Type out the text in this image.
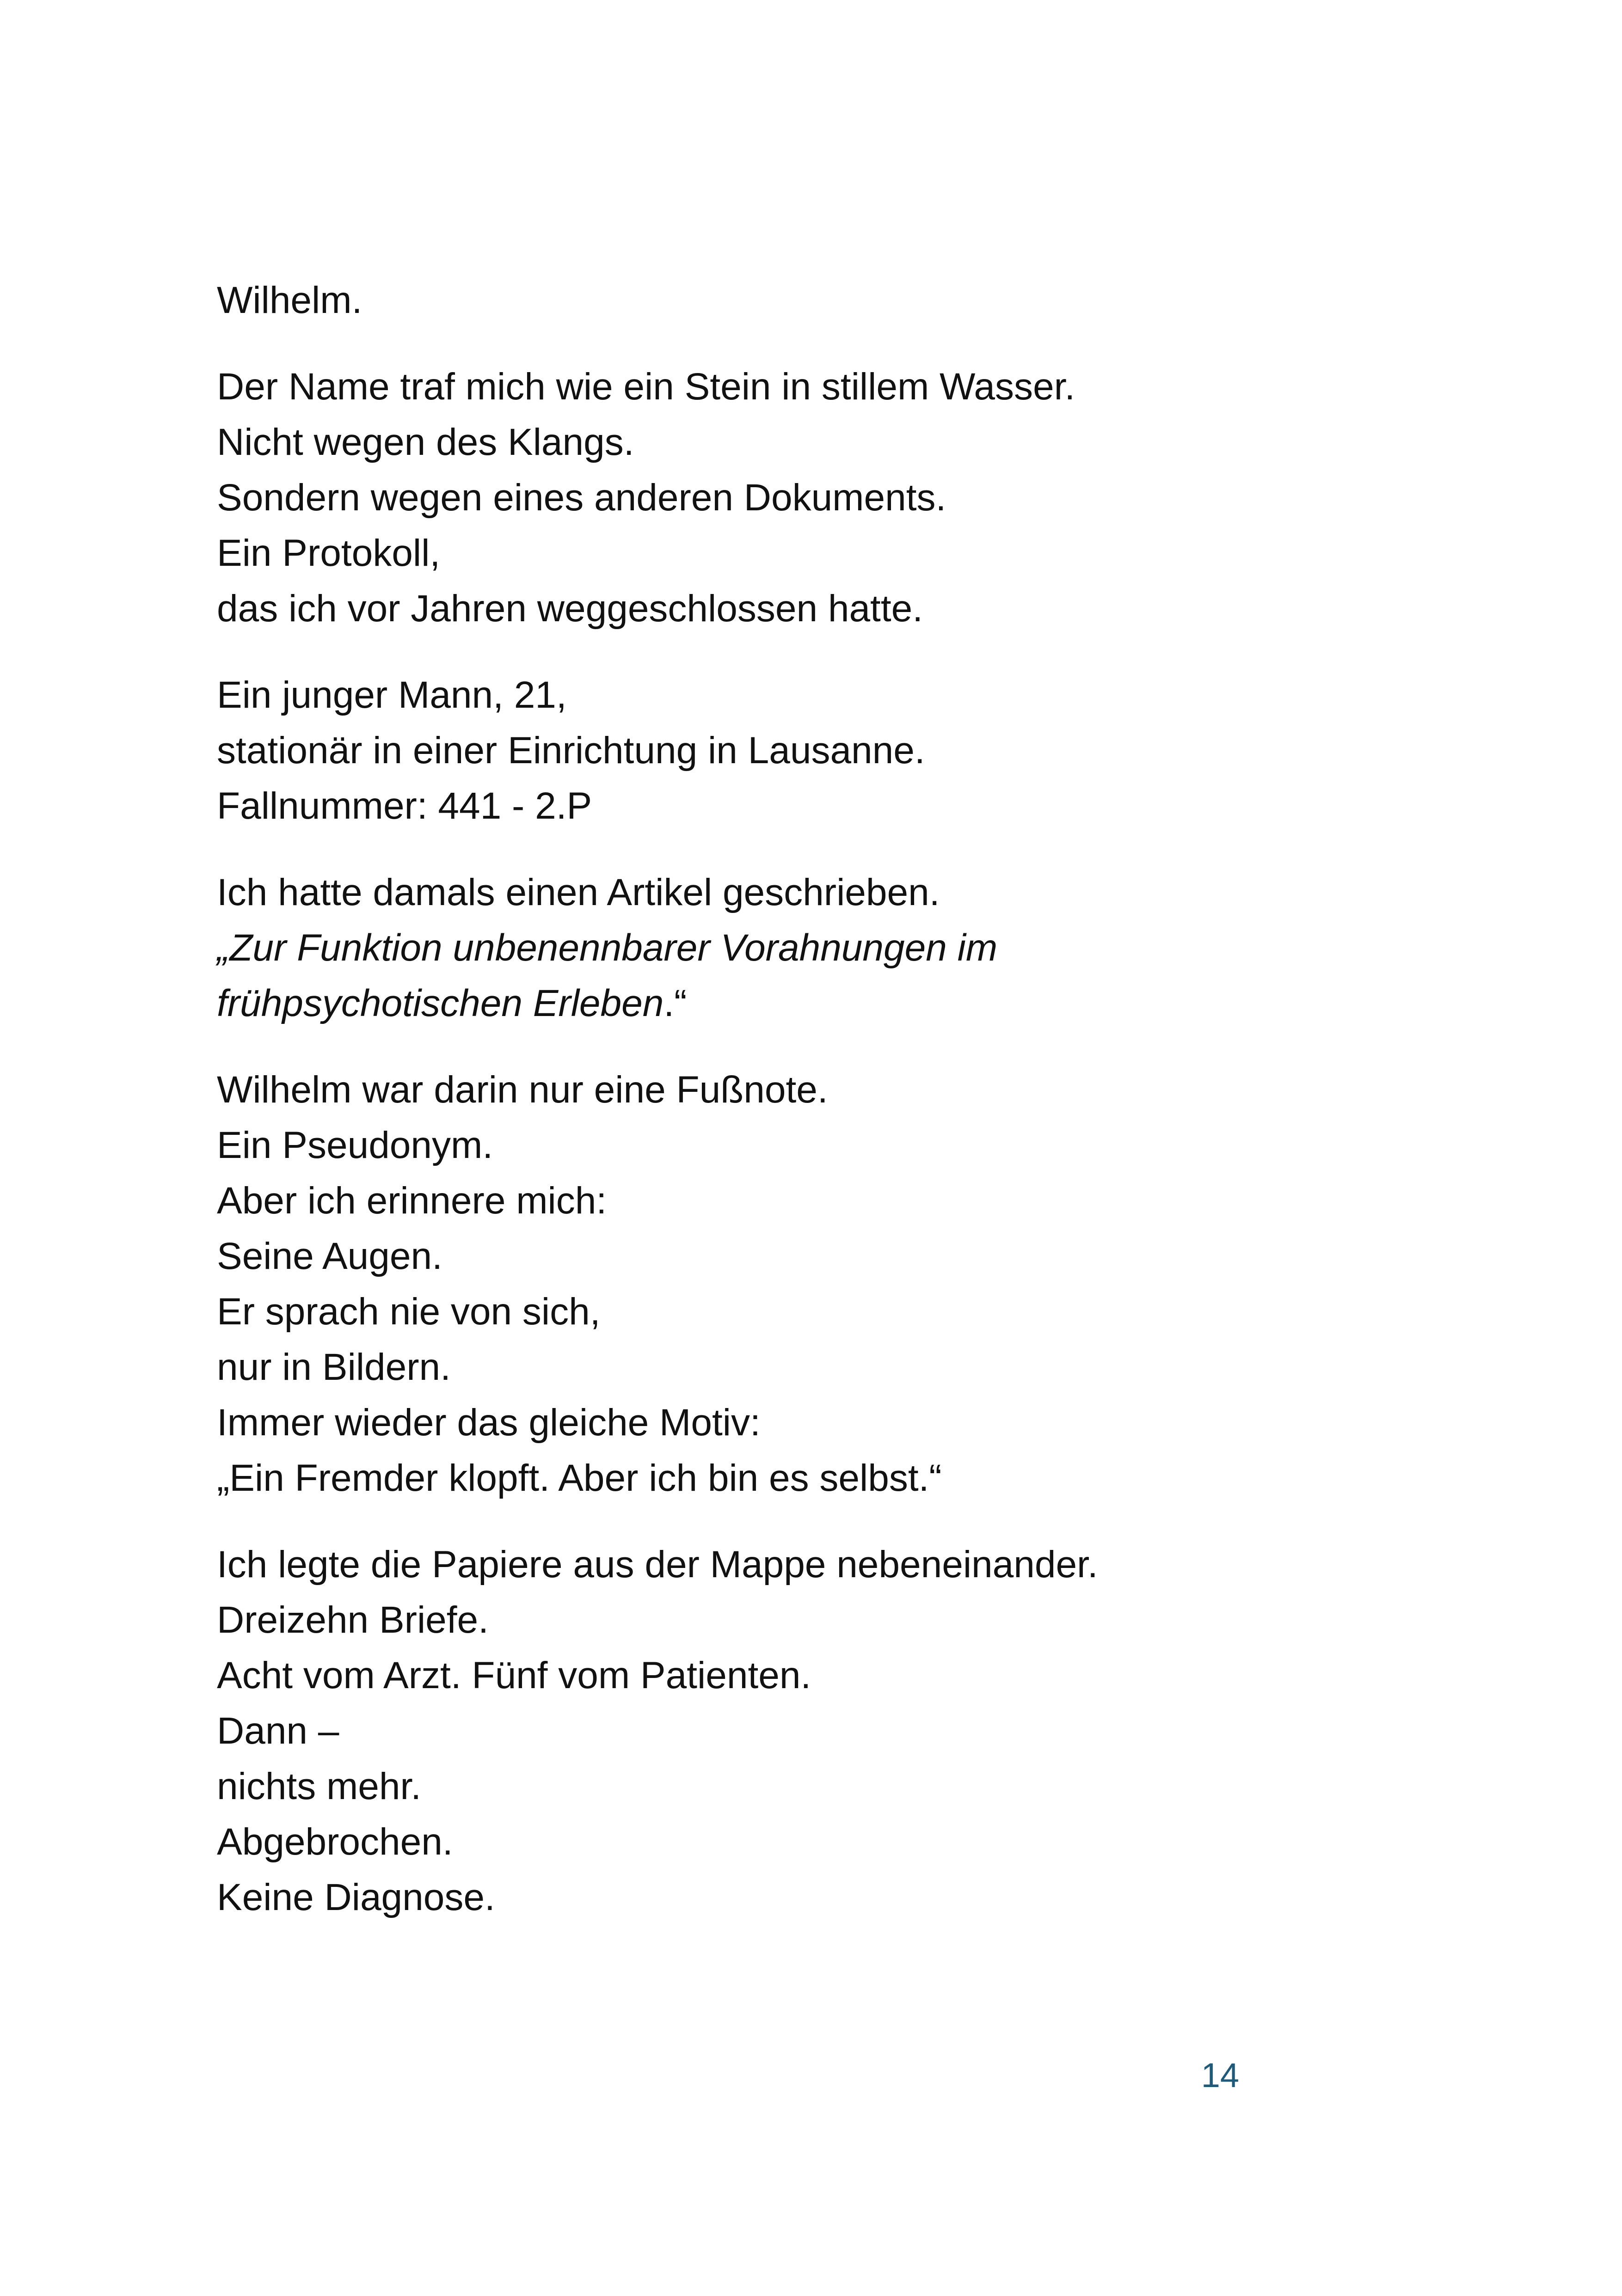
Wilhelm.
Der Name traf mich wie ein Stein in stillem Wasser.
Nicht wegen des Klangs.
Sondern wegen eines anderen Dokuments.
Ein Protokoll,
das ich vor Jahren weggeschlossen hatte.
Ein junger Mann, 21,
stationär in einer Einrichtung in Lausanne.
Fallnummer: 441 - 2.P
Ich hatte damals einen Artikel geschrieben.
„Zur Funktion unbenennbarer Vorahnungen im
frühpsychotischen Erleben.“
Wilhelm war darin nur eine Fußnote.
Ein Pseudonym.
Aber ich erinnere mich:
Seine Augen.
Er sprach nie von sich,
nur in Bildern.
Immer wieder das gleiche Motiv:
„Ein Fremder klopft. Aber ich bin es selbst.“
Ich legte die Papiere aus der Mappe nebeneinander.
Dreizehn Briefe.
Acht vom Arzt. Fünf vom Patienten.
Dann –
nichts mehr.
Abgebrochen.
Keine Diagnose.
14
